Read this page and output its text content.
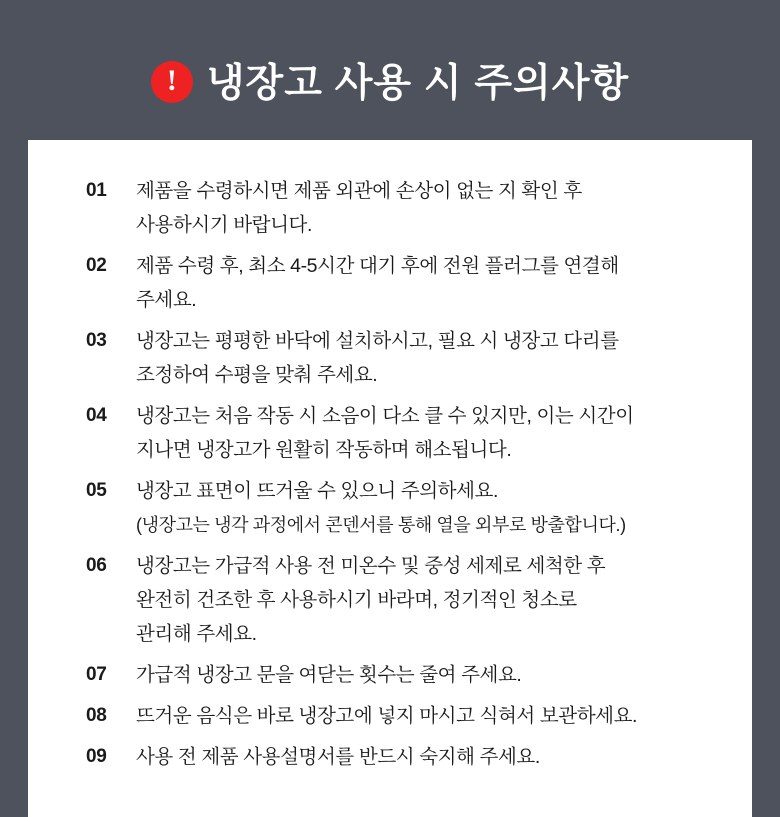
! 냉장고 사용 시 주의사항
01	제품을 수령하시면 제품 외관에 손상이 없는 지 확인 후
사용하시기 바랍니다.
02	제품 수령 후, 최소 4-5시간 대기 후에 전원 플러그를 연결해
주세요.
03	냉장고는 평평한 바닥에 설치하시고, 필요 시 냉장고 다리를
조정하여 수평을 맞춰 주세요.
04	냉장고는 처음 작동 시 소음이 다소 클 수 있지만, 이는 시간이
지나면 냉장고가 원활히 작동하며 해소됩니다.
05	냉장고 표면이 뜨거울 수 있으니 주의하세요.
(냉장고는 냉각 과정에서 콘덴서를 통해 열을 외부로 방출합니다.)
06	냉장고는 가급적 사용 전 미온수 및 중성 세제로 세척한 후
완전히 건조한 후 사용하시기 바라며, 정기적인 청소로
관리해 주세요.
07	가급적 냉장고 문을 여닫는 횟수는 줄여 주세요.
08	뜨거운 음식은 바로 냉장고에 넣지 마시고 식혀서 보관하세요.
09	사용 전 제품 사용설명서를 반드시 숙지해 주세요.
